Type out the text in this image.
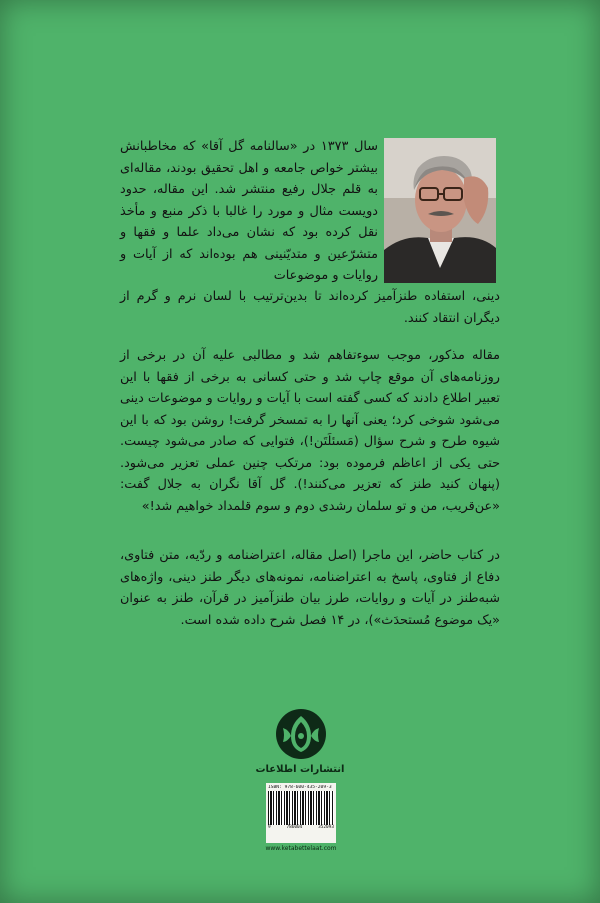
سال ۱۳۷۳ در «سالنامه گل آقا» که مخاطبانش بیشتر خواص جامعه و اهل تحقیق بودند، مقاله‌ای به قلم جلال رفیع منتشر شد. این مقاله، حدود دویست مثال و مورد را غالبا با ذکر منبع و مأخذ نقل کرده بود که نشان می‌داد علما و فقها و متشرّعین و متدیّنینی هم بوده‌اند که از آیات و روایات و موضوعات

دینی، استفاده طنزآمیز کرده‌اند تا بدین‌ترتیب با لسان نرم و گرم از دیگران انتقاد کنند.

مقاله مذکور، موجب سوءتفاهم شد و مطالبی علیه آن در برخی از روزنامه‌های آن موقع چاپ شد و حتی کسانی به برخی از فقها با این تعبیر اطلاع دادند که کسی گفته است با آیات و روایات و موضوعات دینی می‌شود شوخی کرد؛ یعنی آنها را به تمسخر گرفت! روشن بود که با این شیوه طرح و شرح سؤال (مَسئلَتَن!)، فتوایی که صادر می‌شود چیست. حتی یکی از اعاظم فرموده بود: مرتکب چنین عملی تعزیر می‌شود. (پنهان کنید طنز که تعزیر می‌کنند!). گل آقا نگران به جلال گفت: «عن‌قریب، من و تو سلمان رشدی دوم و سوم قلمداد خواهیم شد!»

در کتاب حاضر، این ماجرا (اصل مقاله، اعتراضنامه و ردّیه، متن فتاوی، دفاع از فتاوی، پاسخ به اعتراضنامه، نمونه‌های دیگر طنز دینی، واژه‌های شبه‌طنز در آیات و روایات، طرز بیان طنزآمیز در قرآن، طنز به عنوان «یک موضوع مُستحدَث»)، در ۱۴ فصل شرح داده شده است.

انتشارات اطلاعات
ISBN: 978-600-435-209-3
9	786004	352093
www.ketabettelaat.com
